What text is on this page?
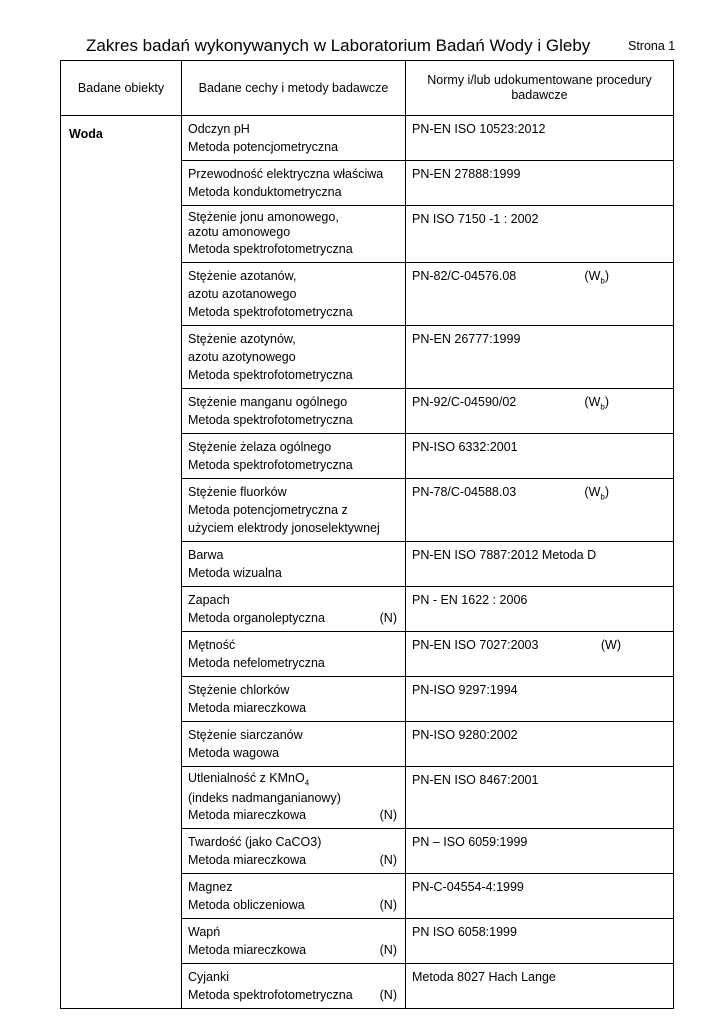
Zakres badań wykonywanych w Laboratorium Badań Wody i Gleby	Strona 1
Badane obiekty	Badane cechy i metody badawcze	Normy i/lub udokumentowane procedury badawcze
Woda	Odczyn pH
Metoda potencjometryczna	PN-EN ISO 10523:2012

	Przewodność elektryczna właściwa
Metoda konduktometryczna	PN-EN 27888:1999

	Stężenie jonu amonowego,
azotu amonowego
Metoda spektrofotometryczna	PN ISO 7150 -1 : 2002

	Stężenie azotanów,
azotu azotanowego
Metoda spektrofotometryczna	PN-82/C-04576.08 $(W_b)$

	Stężenie azotynów,
azotu azotynowego
Metoda spektrofotometryczna	PN-EN 26777:1999

	Stężenie manganu ogólnego
Metoda spektrofotometryczna	PN-92/C-04590/02 $(W_b)$

	Stężenie żelaza ogólnego
Metoda spektrofotometryczna	PN-ISO 6332:2001

	Stężenie fluorków
Metoda potencjometryczna z
użyciem elektrody jonoselektywnej	PN-78/C-04588.03 $(W_b)$

	Barwa
Metoda wizualna	PN-EN ISO 7887:2012 Metoda D

	Zapach
Metoda organoleptyczna (N)	PN - EN 1622 : 2006

	Mętność
Metoda nefelometryczna	PN-EN ISO 7027:2003 (W)

	Stężenie chlorków
Metoda miareczkowa	PN-ISO 9297:1994

	Stężenie siarczanów
Metoda wagowa	PN-ISO 9280:2002

	Utlenialność z KMnO$_4$
(indeks nadmanganianowy)
Metoda miareczkowa (N)	PN-EN ISO 8467:2001

	Twardość (jako CaCO3)
Metoda miareczkowa (N)	PN – ISO 6059:1999

	Magnez
Metoda obliczeniowa (N)	PN-C-04554-4:1999

	Wapń
Metoda miareczkowa (N)	PN ISO 6058:1999

	Cyjanki
Metoda spektrofotometryczna (N)	Metoda 8027 Hach Lange
